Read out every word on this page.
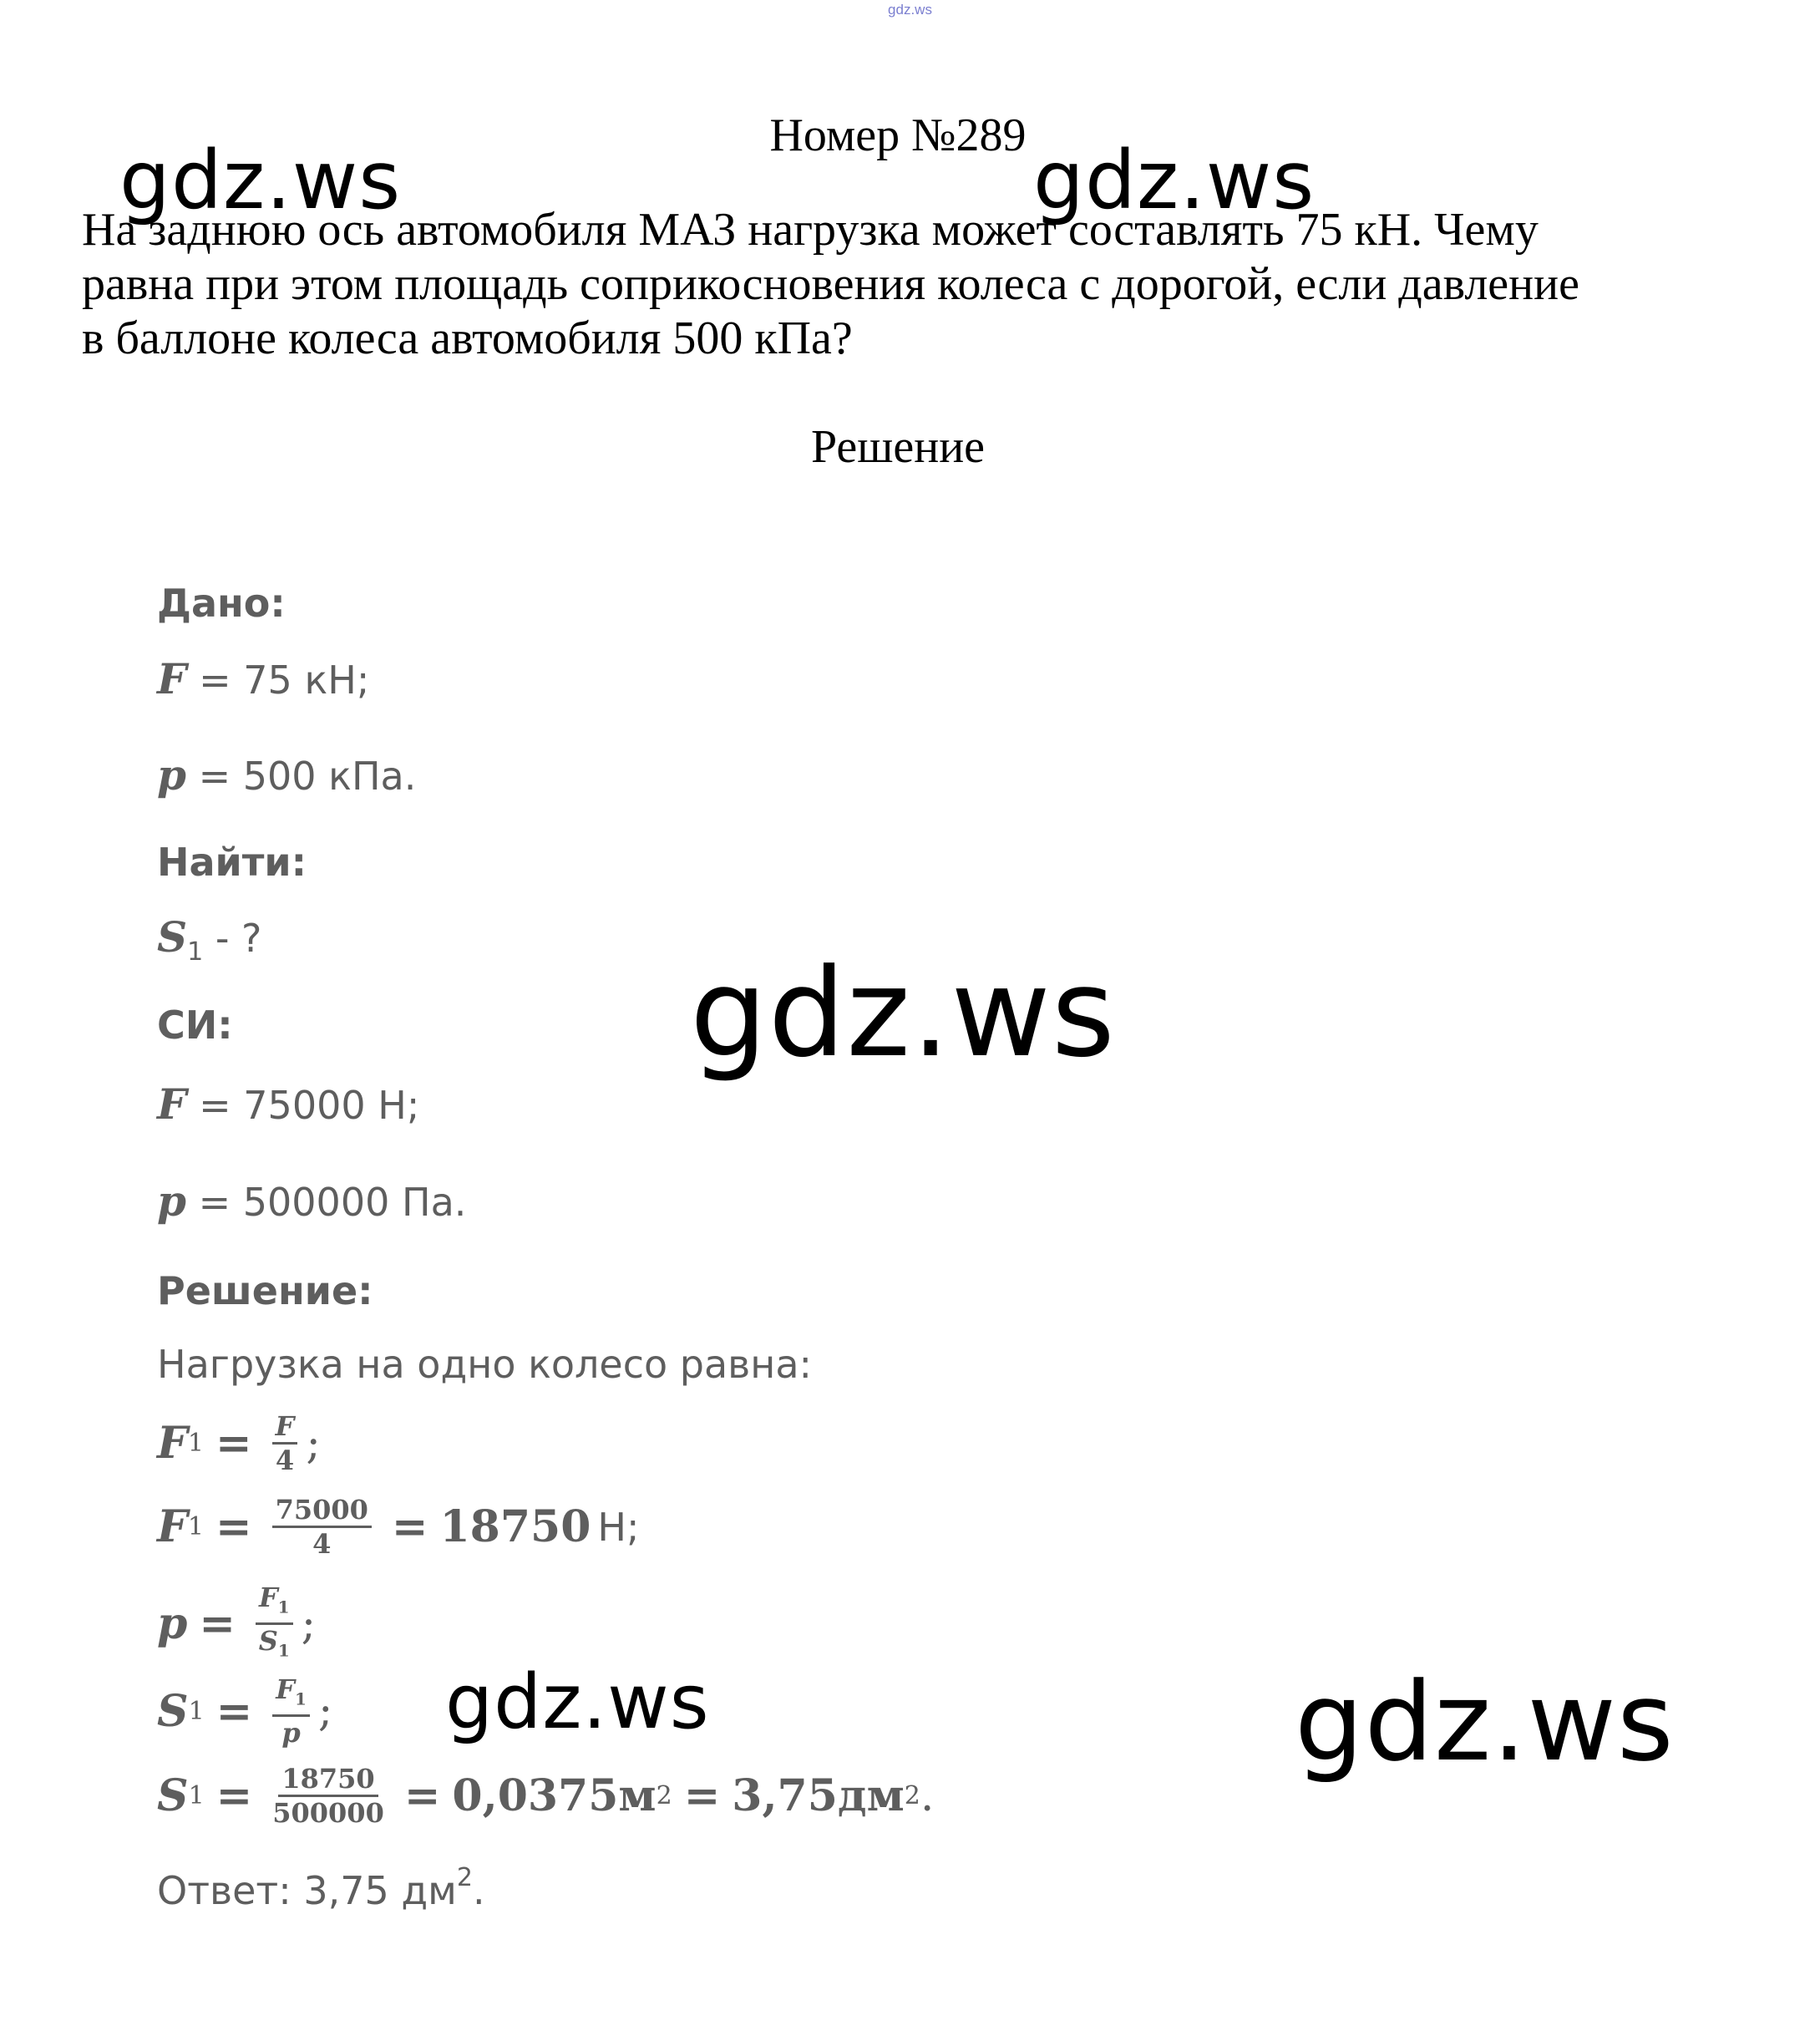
gdz.ws
gdz.ws	gdz.ws
Номер №289
На заднюю ось автомобиля МАЗ нагрузка может составлять 75 кН. Чему
равна при этом площадь соприкосновения колеса с дорогой, если давление
в баллоне колеса автомобиля 500 кПа?
Решение
Дано:
F = 75 кН;
p = 500 кПа.
Найти:
$S_1$ - ?
gdz.ws
СИ:
F = 75000 Н;
p = 500000 Па.
Решение:
Нагрузка на одно колесо равна:
F $1 = \frac{F}{4}$ ;
F $1 = \frac{75000}{4} = 18750$ Н;
$p = \frac{F_1}{S_1}$ ;
S $1 = \frac{F_1}{p}$ ; gdz.ws	gdz.ws
S $1 = \frac{18750}{500000} = 0,0375м$ 2 = 3,75дм 2 .
Ответ: 3,75 $дм^2$.
